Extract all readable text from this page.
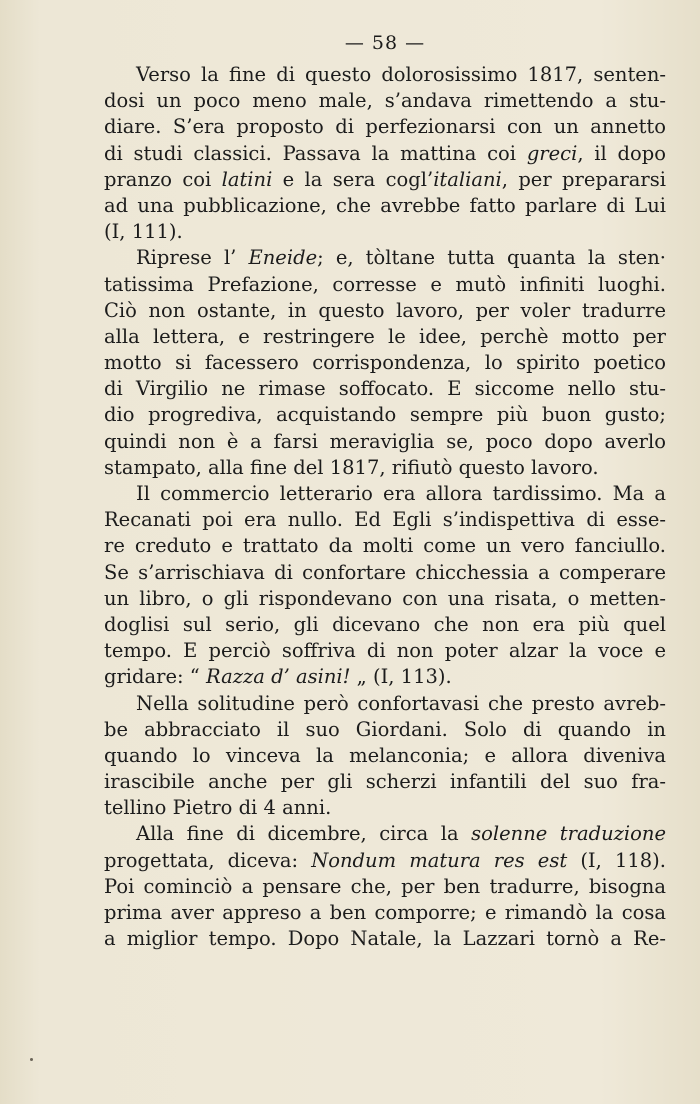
— 58 —
Verso la fine di questo dolorosissimo 1817, senten-
dosi un poco meno male, s’andava rimettendo a stu-
diare. S’era proposto di perfezionarsi con un annetto
di studi classici. Passava la mattina coi greci, il dopo
pranzo coi latini e la sera cogl’italiani, per prepararsi
ad una pubblicazione, che avrebbe fatto parlare di Lui
(I, 111).
Riprese l’ Eneide; e, tòltane tutta quanta la sten·
tatissima Prefazione, corresse e mutò infiniti luoghi.
Ciò non ostante, in questo lavoro, per voler tradurre
alla lettera, e restringere le idee, perchè motto per
motto si facessero corrispondenza, lo spirito poetico
di Virgilio ne rimase soffocato. E siccome nello stu-
dio progrediva, acquistando sempre più buon gusto;
quindi non è a farsi meraviglia se, poco dopo averlo
stampato, alla fine del 1817, rifiutò questo lavoro.
Il commercio letterario era allora tardissimo. Ma a
Recanati poi era nullo. Ed Egli s’indispettiva di esse-
re creduto e trattato da molti come un vero fanciullo.
Se s’arrischiava di confortare chicchessia a comperare
un libro, o gli rispondevano con una risata, o metten-
doglisi sul serio, gli dicevano che non era più quel
tempo. E perciò soffriva di non poter alzar la voce e
gridare: “ Razza d’ asini! „ (I, 113).
Nella solitudine però confortavasi che presto avreb-
be abbracciato il suo Giordani. Solo di quando in
quando lo vinceva la melanconia; e allora diveniva
irascibile anche per gli scherzi infantili del suo fra-
tellino Pietro di 4 anni.
Alla fine di dicembre, circa la solenne traduzione
progettata, diceva: Nondum matura res est (I, 118).
Poi cominciò a pensare che, per ben tradurre, bisogna
prima aver appreso a ben comporre; e rimandò la cosa
a miglior tempo. Dopo Natale, la Lazzari tornò a Re-
